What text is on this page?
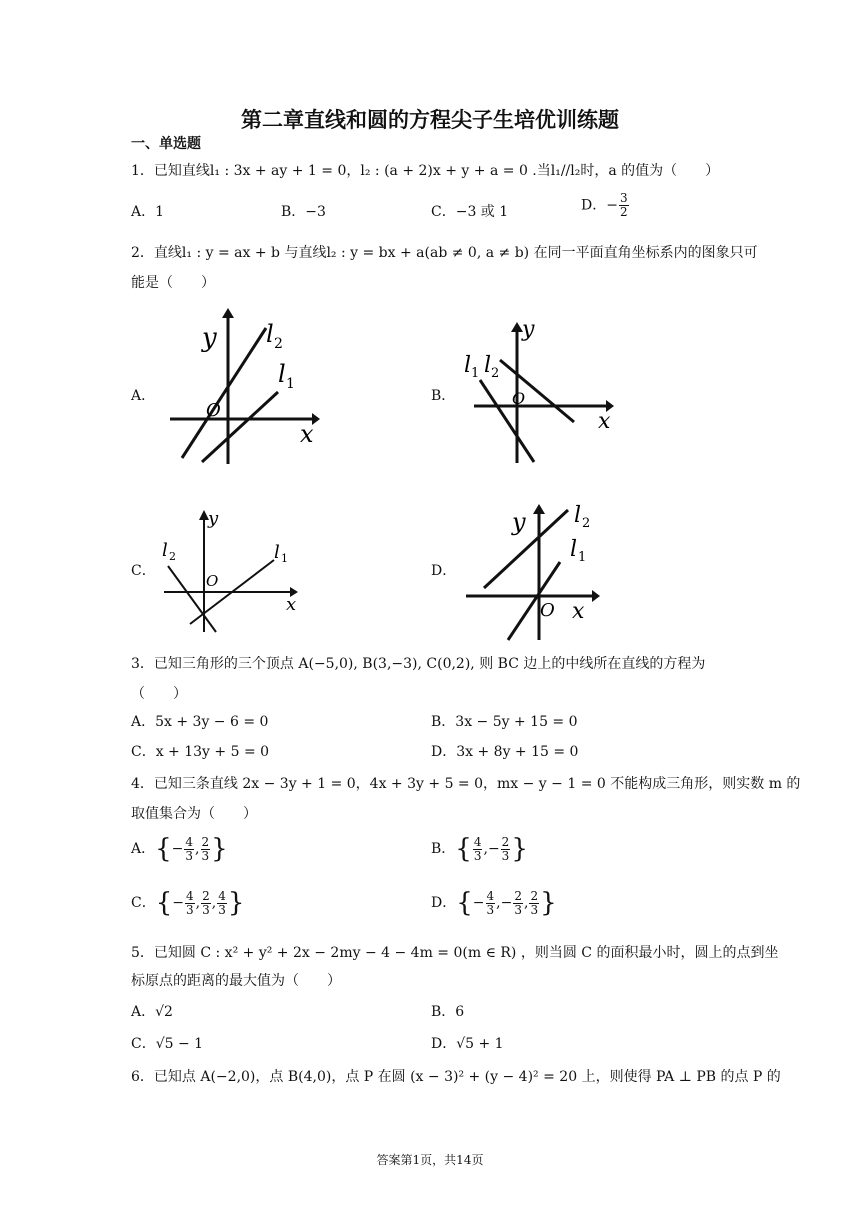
第二章直线和圆的方程尖子生培优训练题
一、单选题
1．已知直线l₁ : 3x + ay + 1 = 0，l₂ : (a + 2)x + y + a = 0 .当l₁//l₂时，a 的值为（　　）
A．1	B．−3	C．−3 或 1	D．− $\frac{3}{2}$
2．直线l₁ : y = ax + b 与直线l₂ : y = bx + a(ab ≠ 0, a ≠ b) 在同一平面直角坐标系内的图象只可
能是（　　）
A．
y
x
O
l 2
l 1
B．
y
x
O
l 1 l 2
C．
y
x
O
l 2	l 1
D．
y
x
O
l 2
l 1
3．已知三角形的三个顶点 A(−5,0), B(3,−3), C(0,2), 则 BC 边上的中线所在直线的方程为
（　　）
A．5x + 3y − 6 = 0	B．3x − 5y + 15 = 0
C．x + 13y + 5 = 0	D．3x + 8y + 15 = 0
4．已知三条直线 2x − 3y + 1 = 0，4x + 3y + 5 = 0，mx − y − 1 = 0 不能构成三角形，则实数 m 的
取值集合为（　　）
A．{− $\frac{4}{3}$ , $\frac{2}{3}$ }	B．{ $\frac{4}{3}$ ,− $\frac{2}{3}$ }
C．{− $\frac{4}{3}$ , $\frac{2}{3}$ , $\frac{4}{3}$ }	D．{− $\frac{4}{3}$ ,− $\frac{2}{3}$ , $\frac{2}{3}$ }
5．已知圆 C : x² + y² + 2x − 2my − 4 − 4m = 0(m ∈ R) ，则当圆 C 的面积最小时，圆上的点到坐
标原点的距离的最大值为（　　）
A．√2	B．6
C．√5 − 1	D．√5 + 1
6．已知点 A(−2,0)，点 B(4,0)，点 P 在圆 (x − 3)² + (y − 4)² = 20 上，则使得 PA ⊥ PB 的点 P 的
答案第1页，共14页
